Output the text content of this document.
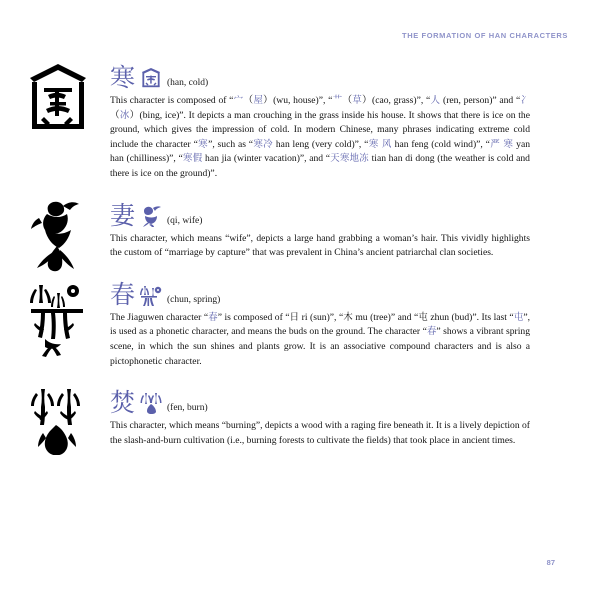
THE FORMATION OF HAN CHARACTERS
寒	(han, cold)

This character is composed of “宀（屋）(wu, house)”, “艹（草）(cao, grass)”, “人 (ren, person)” and “冫（冰）(bing, ice)”. It depicts a man crouching in the grass inside his house. It shows that there is ice on the ground, which gives the impression of cold. In modern Chinese, many phrases indicating extreme cold include the character “寒”, such as “寒冷 han leng (very cold)”, “寒 风 han feng (cold wind)”, “严 寒 yan han (chilliness)”, “寒假 han jia (winter vacation)”, and “天寒地冻 tian han di dong (the weather is cold and there is ice on the ground)”.

妻	(qi, wife)

This character, which means “wife”, depicts a large hand grabbing a woman’s hair. This vividly highlights the custom of “marriage by capture” that was prevalent in China’s ancient patriarchal clan societies.

春	(chun, spring)

The Jiaguwen character “春” is composed of “日 ri (sun)”, “木 mu (tree)” and “屯 zhun (bud)”. Its last “屯”, is used as a phonetic character, and means the buds on the ground. The character “春” shows a vibrant spring scene, in which the sun shines and plants grow. It is an associative compound characters and is also a pictophonetic character.

焚	(fen, burn)

This character, which means “burning”, depicts a wood with a raging fire beneath it. It is a lively depiction of the slash-and-burn cultivation (i.e., burning forests to cultivate the fields) that took place in ancient times.

87
